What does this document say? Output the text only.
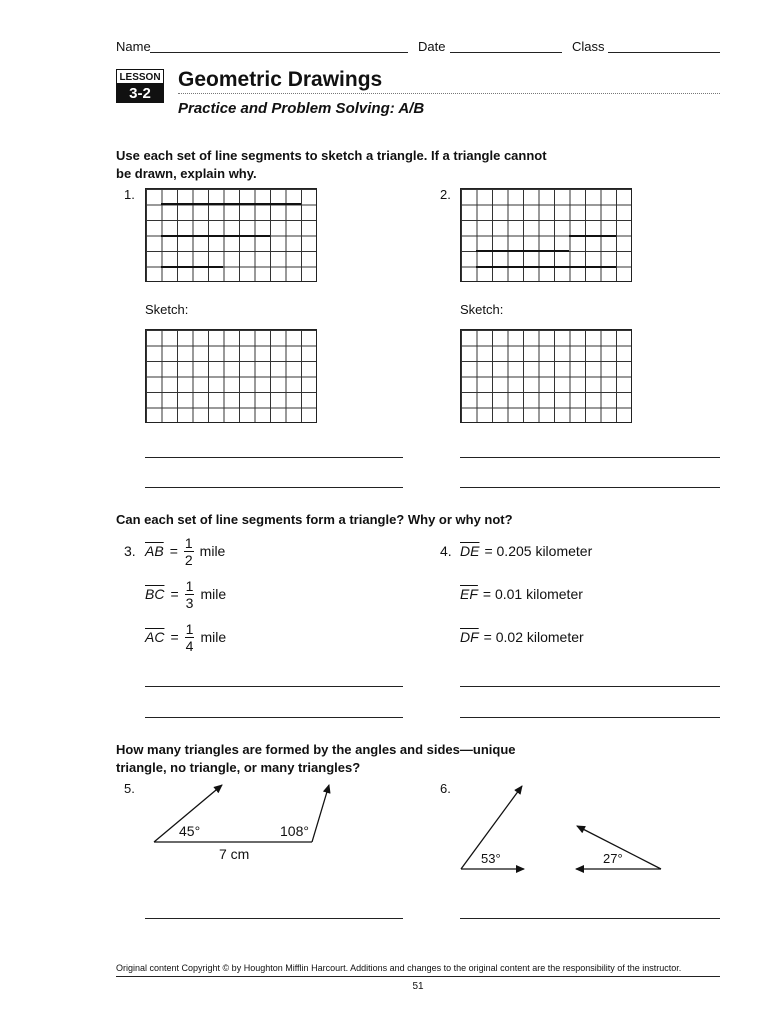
Name	Date	Class
LESSON
3-2
Geometric Drawings
Practice and Problem Solving: A/B
Use each set of line segments to sketch a triangle. If a triangle cannot
be drawn, explain why.
1.	2.
Sketch:	Sketch:
Can each set of line segments form a triangle? Why or why not?
3. $\overline{AB} = \frac{1}{2}$ mile
$\overline{BC} = \frac{1}{3}$ mile
$\overline{AC} = \frac{1}{4}$ mile
4. $\overline{DE} = 0.205$ kilometer
$\overline{EF} = 0.01$ kilometer
$\overline{DF} = 0.02$ kilometer
How many triangles are formed by the angles and sides—unique
triangle, no triangle, or many triangles?
5.	6.
45°	108°
7 cm	53°	27°
Original content Copyright © by Houghton Mifflin Harcourt. Additions and changes to the original content are the responsibility of the instructor.
51
